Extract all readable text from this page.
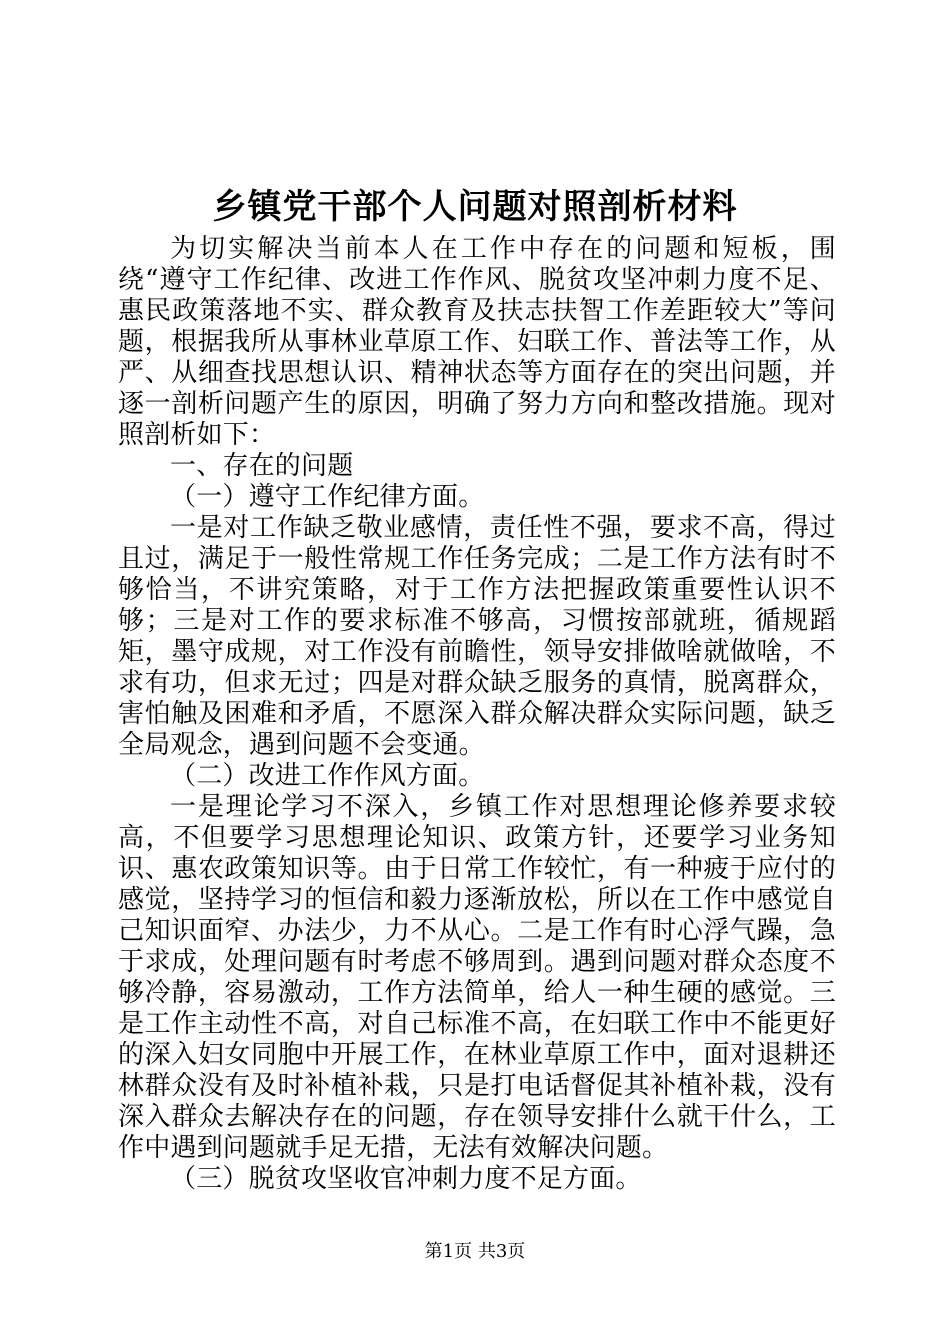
乡镇党干部个人问题对照剖析材料

为切实解决当前本人在工作中存在的问题和短板，围绕“遵守工作纪律、改进工作作风、脱贫攻坚冲刺力度不足、惠民政策落地不实、群众教育及扶志扶智工作差距较大”等问题，根据我所从事林业草原工作、妇联工作、普法等工作，从严、从细查找思想认识、精神状态等方面存在的突出问题，并逐一剖析问题产生的原因，明确了努力方向和整改措施。现对照剖析如下：

一、存在的问题

（一）遵守工作纪律方面。

一是对工作缺乏敬业感情，责任性不强，要求不高，得过且过，满足于一般性常规工作任务完成；二是工作方法有时不够恰当，不讲究策略，对于工作方法把握政策重要性认识不够；三是对工作的要求标准不够高，习惯按部就班，循规蹈矩，墨守成规，对工作没有前瞻性，领导安排做啥就做啥，不求有功，但求无过；四是对群众缺乏服务的真情，脱离群众，害怕触及困难和矛盾，不愿深入群众解决群众实际问题，缺乏全局观念，遇到问题不会变通。

（二）改进工作作风方面。

一是理论学习不深入，乡镇工作对思想理论修养要求较高，不但要学习思想理论知识、政策方针，还要学习业务知识、惠农政策知识等。由于日常工作较忙，有一种疲于应付的感觉，坚持学习的恒信和毅力逐渐放松，所以在工作中感觉自己知识面窄、办法少，力不从心。二是工作有时心浮气躁，急于求成，处理问题有时考虑不够周到。遇到问题对群众态度不够冷静，容易激动，工作方法简单，给人一种生硬的感觉。三是工作主动性不高，对自己标准不高，在妇联工作中不能更好的深入妇女同胞中开展工作，在林业草原工作中，面对退耕还林群众没有及时补植补栽，只是打电话督促其补植补栽，没有深入群众去解决存在的问题，存在领导安排什么就干什么，工作中遇到问题就手足无措，无法有效解决问题。

（三）脱贫攻坚收官冲刺力度不足方面。

第1页 共3页
